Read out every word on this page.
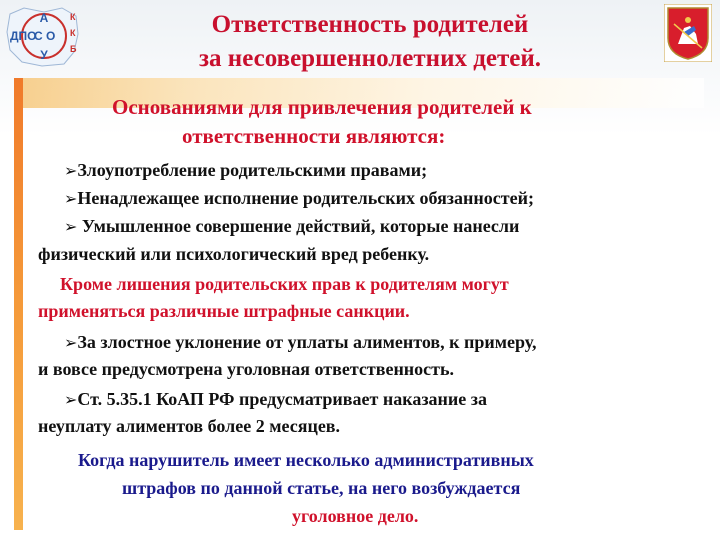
А
ДПО
С О
У
К
К
Б
Ответственность родителей
за несовершеннолетних детей.
Основаниями для привлечения родителей к
ответственности являются:
➢Злоупотребление родительскими правами;
➢Ненадлежащее исполнение родительских обязанностей;
➢ Умышленное совершение действий, которые нанесли
физический или психологический вред ребенку.
Кроме лишения родительских прав к родителям могут
применяться различные штрафные санкции.
➢За злостное уклонение от уплаты алиментов, к примеру,
и вовсе предусмотрена уголовная ответственность.
➢Ст. 5.35.1 КоАП РФ предусматривает наказание за
неуплату алиментов более 2 месяцев.
Когда нарушитель имеет несколько административных
штрафов по данной статье, на него возбуждается
уголовное дело.
